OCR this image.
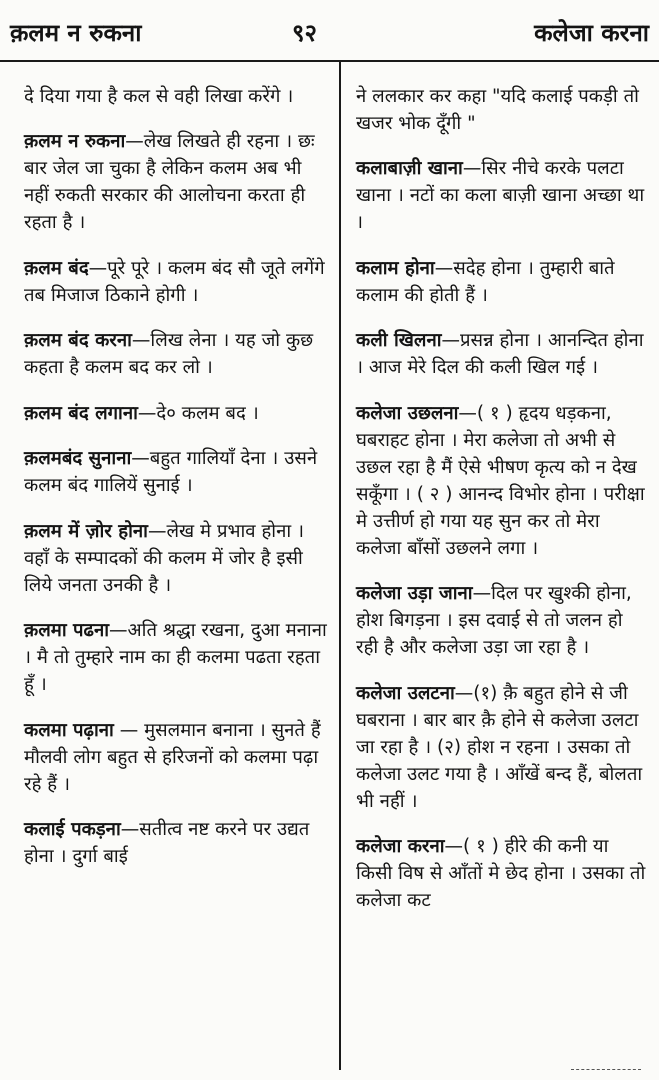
क़लम न रुकना	९२	कलेजा करना

दे दिया गया है कल से वही लिखा करेंगे ।

क़लम न रुकना—लेख लिखते ही रहना । छः बार जेल जा चुका है लेकिन कलम अब भी नहीं रुकती सरकार की आलोचना करता ही रहता है ।

क़लम बंद—पूरे पूरे । कलम बंद सौ जूते लगेंगे तब मिजाज ठिकाने होगी ।

क़लम बंद करना—लिख लेना । यह जो कुछ कहता है कलम बद कर लो ।

क़लम बंद लगाना—दे० कलम बद ।

क़लमबंद सुनाना—बहुत गालियाँ देना । उसने कलम बंद गालियें सुनाई ।

क़लम में ज़ोर होना—लेख मे प्रभाव होना । वहाँ के सम्पादकों की कलम में जोर है इसी लिये जनता उनकी है ।

क़लमा पढना—अति श्रद्धा रखना, दुआ मनाना । मै तो तुम्हारे नाम का ही कलमा पढता रहता हूँ ।

कलमा पढ़ाना — मुसलमान बनाना । सुनते हैं मौलवी लोग बहुत से हरिजनों को कलमा पढ़ा रहे हैं ।

कलाई पकड़ना—सतीत्व नष्ट करने पर उद्यत होना । दुर्गा बाई

ने ललकार कर कहा "यदि कलाई पकड़ी तो खजर भोक दूँगी "

कलाबाज़ी खाना—सिर नीचे करके पलटा खाना । नटों का कला बाज़ी खाना अच्छा था ।

कलाम होना—सदेह होना । तुम्हारी बाते कलाम की होती हैं ।

कली खिलना—प्रसन्न होना । आनन्दित होना । आज मेरे दिल की कली खिल गई ।

कलेजा उछलना—( १ ) हृदय धड़कना, घबराहट होना । मेरा कलेजा तो अभी से उछल रहा है मैं ऐसे भीषण कृत्य को न देख सकूँगा । ( २ ) आनन्द विभोर होना । परीक्षा मे उत्तीर्ण हो गया यह सुन कर तो मेरा कलेजा बाँसों उछलने लगा ।

कलेजा उड़ा जाना—दिल पर खुश्की होना, होश बिगड़ना । इस दवाई से तो जलन हो रही है और कलेजा उड़ा जा रहा है ।

कलेजा उलटना—(१) क़ै बहुत होने से जी घबराना । बार बार क़ै होने से कलेजा उलटा जा रहा है । (२) होश न रहना । उसका तो कलेजा उलट गया है । आँखें बन्द हैं, बोलता भी नहीं ।

कलेजा करना—( १ ) हीरे की कनी या किसी विष से आँतों मे छेद होना । उसका तो कलेजा कट
